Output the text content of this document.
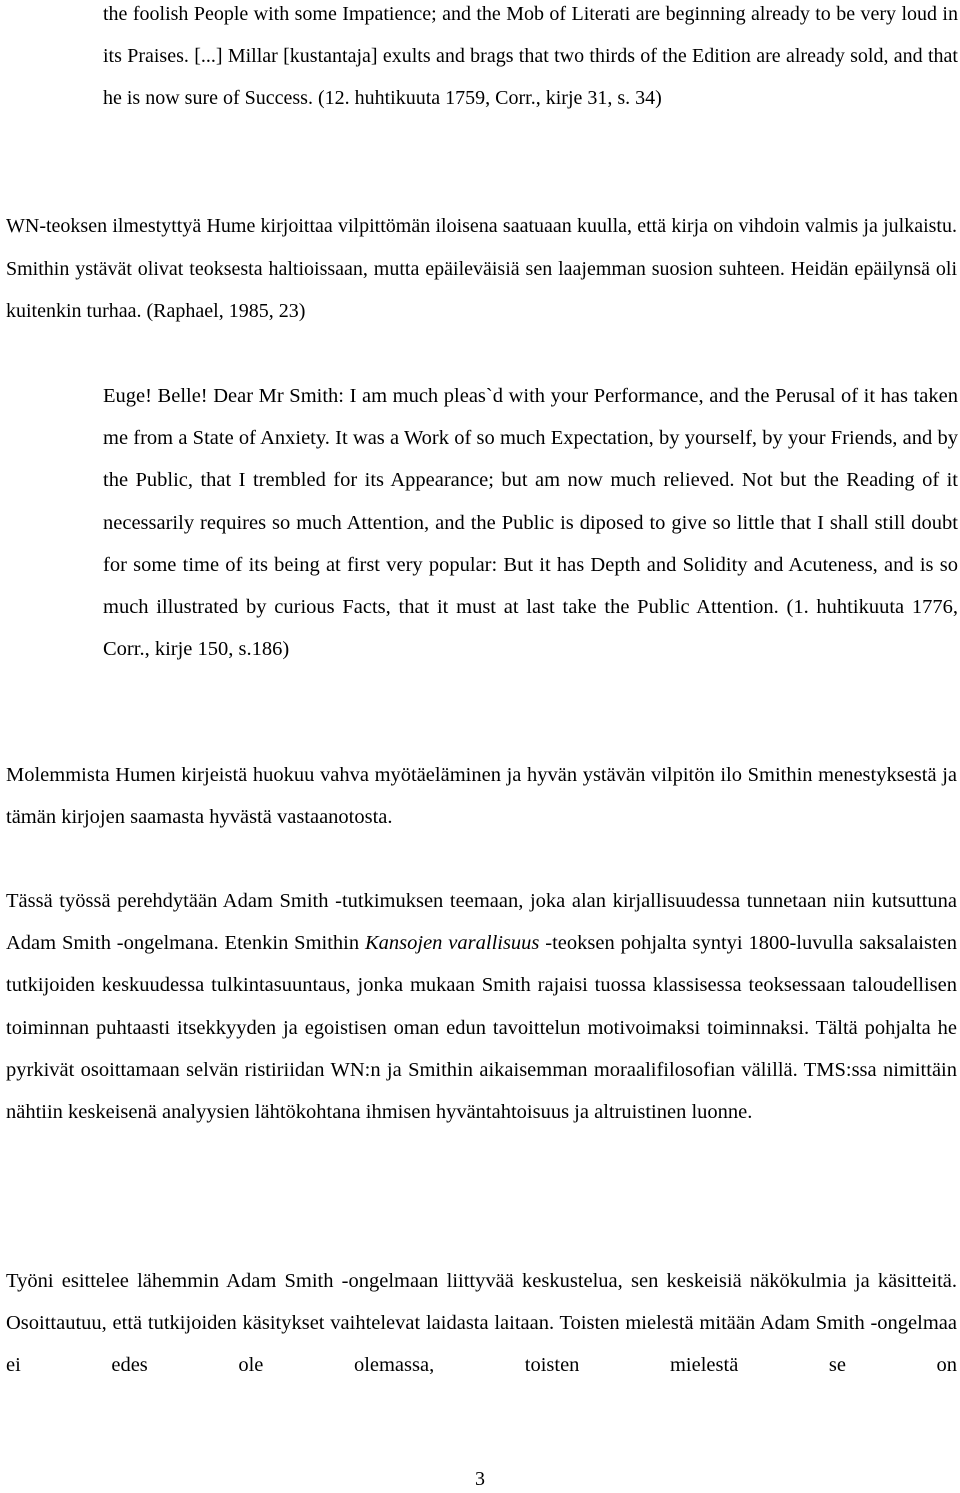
the foolish People with some Impatience; and the Mob of Literati are beginning already to be very loud in its Praises. [...] Millar [kustantaja] exults and brags that two thirds of the Edition are already sold, and that he is now sure of Success. (12. huhtikuuta 1759, Corr., kirje 31, s. 34)
WN-teoksen ilmestyttyä Hume kirjoittaa vilpittömän iloisena saatuaan kuulla, että kirja on vihdoin valmis ja julkaistu. Smithin ystävät olivat teoksesta haltioissaan, mutta epäileväisiä sen laajemman suosion suhteen. Heidän epäilynsä oli kuitenkin turhaa. (Raphael, 1985, 23)
Euge! Belle! Dear Mr Smith: I am much pleas`d with your Performance, and the Perusal of it has taken me from a State of Anxiety. It was a Work of so much Expectation, by yourself, by your Friends, and by the Public, that I trembled for its Appearance; but am now much relieved. Not but the Reading of it necessarily requires so much Attention, and the Public is diposed to give so little that I shall still doubt for some time of its being at first very popular: But it has Depth and Solidity and Acuteness, and is so much illustrated by curious Facts, that it must at last take the Public Attention. (1. huhtikuuta 1776, Corr., kirje 150, s.186)
Molemmista Humen kirjeistä huokuu vahva myötäeläminen ja hyvän ystävän vilpitön ilo Smithin menestyksestä ja tämän kirjojen saamasta hyvästä vastaanotosta.
Tässä työssä perehdytään Adam Smith -tutkimuksen teemaan, joka alan kirjallisuudessa tunnetaan niin kutsuttuna Adam Smith -ongelmana. Etenkin Smithin Kansojen varallisuus -teoksen pohjalta syntyi 1800-luvulla saksalaisten tutkijoiden keskuudessa tulkintasuuntaus, jonka mukaan Smith rajaisi tuossa klassisessa teoksessaan taloudellisen toiminnan puhtaasti itsekkyyden ja egoistisen oman edun tavoittelun motivoimaksi toiminnaksi. Tältä pohjalta he pyrkivät osoittamaan selvän ristiriidan WN:n ja Smithin aikaisemman moraalifilosofian välillä. TMS:ssa nimittäin nähtiin keskeisenä analyysien lähtökohtana ihmisen hyväntahtoisuus ja altruistinen luonne.
Työni esittelee lähemmin Adam Smith -ongelmaan liittyvää keskustelua, sen keskeisiä näkökulmia ja käsitteitä. Osoittautuu, että tutkijoiden käsitykset vaihtelevat laidasta laitaan. Toisten mielestä mitään Adam Smith -ongelmaa ei edes ole olemassa, toisten mielestä se on
3
